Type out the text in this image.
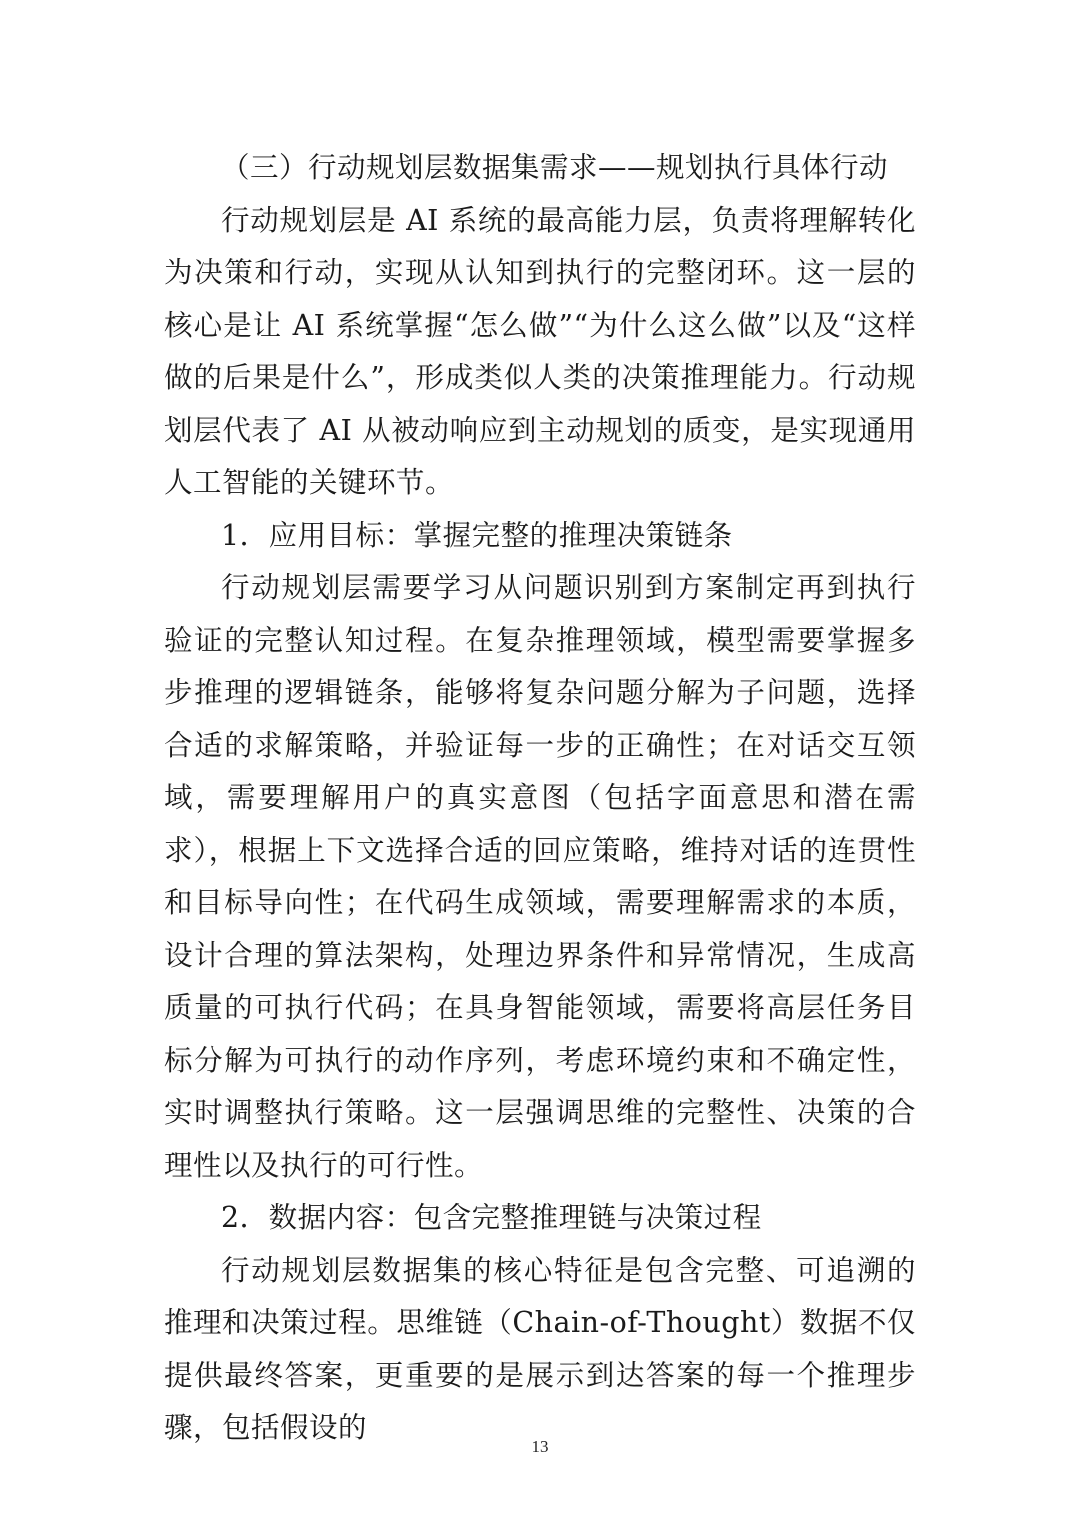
（三）行动规划层数据集需求——规划执行具体行动

行动规划层是 AI 系统的最高能力层，负责将理解转化为决策和行动，实现从认知到执行的完整闭环。这一层的核心是让 AI 系统掌握“怎么做”“为什么这么做”以及“这样做的后果是什么”，形成类似人类的决策推理能力。行动规划层代表了 AI 从被动响应到主动规划的质变，是实现通用人工智能的关键环节。

1．应用目标：掌握完整的推理决策链条

行动规划层需要学习从问题识别到方案制定再到执行验证的完整认知过程。在复杂推理领域，模型需要掌握多步推理的逻辑链条，能够将复杂问题分解为子问题，选择合适的求解策略，并验证每一步的正确性；在对话交互领域，需要理解用户的真实意图（包括字面意思和潜在需求），根据上下文选择合适的回应策略，维持对话的连贯性和目标导向性；在代码生成领域，需要理解需求的本质，设计合理的算法架构，处理边界条件和异常情况，生成高质量的可执行代码；在具身智能领域，需要将高层任务目标分解为可执行的动作序列，考虑环境约束和不确定性，实时调整执行策略。这一层强调思维的完整性、决策的合理性以及执行的可行性。

2．数据内容：包含完整推理链与决策过程

行动规划层数据集的核心特征是包含完整、可追溯的推理和决策过程。思维链（Chain-of-Thought）数据不仅提供最终答案，更重要的是展示到达答案的每一个推理步骤，包括假设的

13
